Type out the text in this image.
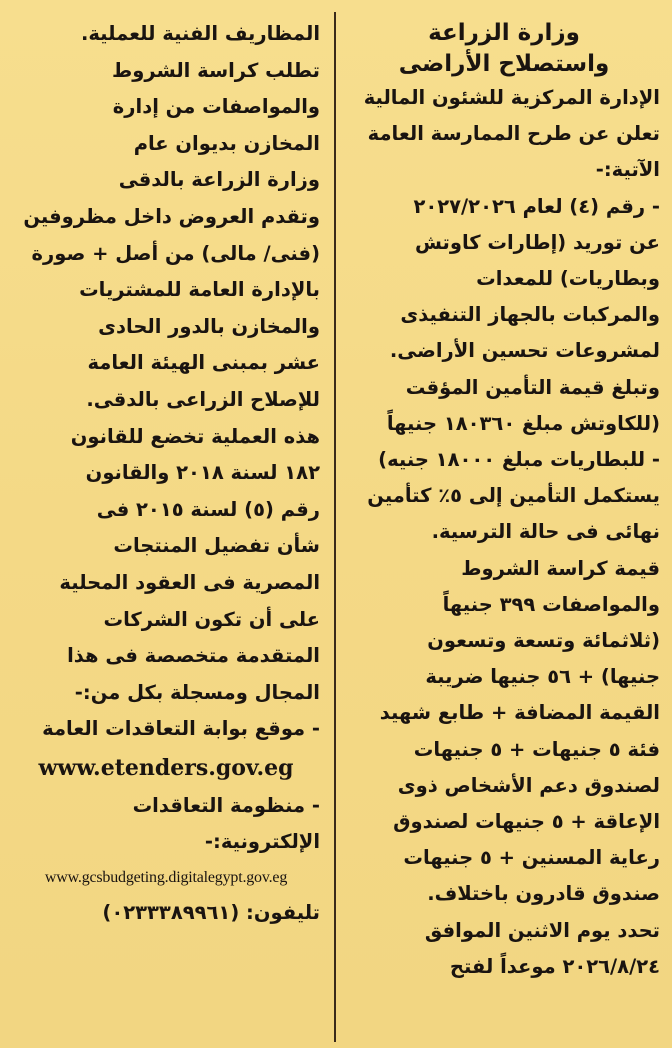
وزارة الزراعة
واستصلاح الأراضى
الإدارة المركزية للشئون المالية
تعلن عن طرح الممارسة العامة
الآتية:-
- رقم (٤) لعام ٢٠٢٧/٢٠٢٦
عن توريد (إطارات كاوتش
وبطاريات) للمعدات
والمركبات بالجهاز التنفيذى
لمشروعات تحسين الأراضى.
وتبلغ قيمة التأمين المؤقت
(للكاوتش مبلغ ١٨٠٣٦٠ جنيهاً
- للبطاريات مبلغ ١٨٠٠٠ جنيه)
يستكمل التأمين إلى ٥٪ كتأمين
نهائى فى حالة الترسية.
قيمة كراسة الشروط
والمواصفات ٣٩٩ جنيهاً
(ثلاثمائة وتسعة وتسعون
جنيها) + ٥٦ جنيها ضريبة
القيمة المضافة + طابع شهيد
فئة ٥ جنيهات + ٥ جنيهات
لصندوق دعم الأشخاص ذوى
الإعاقة + ٥ جنيهات لصندوق
رعاية المسنين + ٥ جنيهات
صندوق قادرون باختلاف.
تحدد يوم الاثنين الموافق
٢٠٢٦/٨/٢٤ موعداً لفتح
المظاريف الفنية للعملية.
تطلب كراسة الشروط
والمواصفات من إدارة
المخازن بديوان عام
وزارة الزراعة بالدقى
وتقدم العروض داخل مظروفين
(فنى/ مالى) من أصل + صورة
بالإدارة العامة للمشتريات
والمخازن بالدور الحادى
عشر بمبنى الهيئة العامة
للإصلاح الزراعى بالدقى.
هذه العملية تخضع للقانون
١٨٢ لسنة ٢٠١٨ والقانون
رقم (٥) لسنة ٢٠١٥ فى
شأن تفضيل المنتجات
المصرية فى العقود المحلية
على أن تكون الشركات
المتقدمة متخصصة فى هذا
المجال ومسجلة بكل من:-
- موقع بوابة التعاقدات العامة
www.etenders.gov.eg
- منظومة التعاقدات
الإلكترونية:-
www.gcsbudgeting.digitalegypt.gov.eg
تليفون: (٠٢٣٣٣٨٩٩٦١)
